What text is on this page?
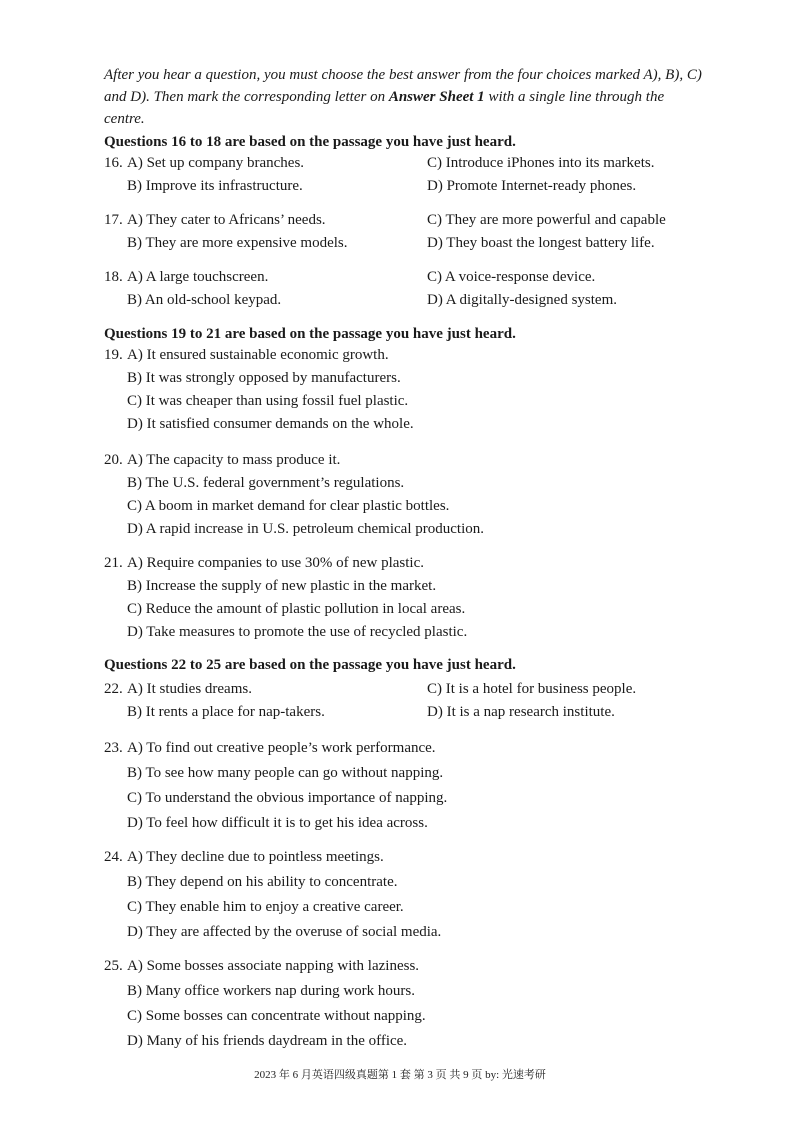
After you hear a question, you must choose the best answer from the four choices marked A), B), C) and D). Then mark the corresponding letter on Answer Sheet 1 with a single line through the centre.
Questions 16 to 18 are based on the passage you have just heard.
16. A) Set up company branches.	C) Introduce iPhones into its markets.
B) Improve its infrastructure.	D) Promote Internet-ready phones.
17. A) They cater to Africans’ needs.	C) They are more powerful and capable
B) They are more expensive models.	D) They boast the longest battery life.
18. A) A large touchscreen.	C) A voice-response device.
B) An old-school keypad.	D) A digitally-designed system.
Questions 19 to 21 are based on the passage you have just heard.
19. A) It ensured sustainable economic growth.
B) It was strongly opposed by manufacturers.
C) It was cheaper than using fossil fuel plastic.
D) It satisfied consumer demands on the whole.
20. A) The capacity to mass produce it.
B) The U.S. federal government’s regulations.
C) A boom in market demand for clear plastic bottles.
D) A rapid increase in U.S. petroleum chemical production.
21. A) Require companies to use 30% of new plastic.
B) Increase the supply of new plastic in the market.
C) Reduce the amount of plastic pollution in local areas.
D) Take measures to promote the use of recycled plastic.
Questions 22 to 25 are based on the passage you have just heard.
22. A) It studies dreams.	C) It is a hotel for business people.
B) It rents a place for nap-takers.	D) It is a nap research institute.
23. A) To find out creative people’s work performance.
B) To see how many people can go without napping.
C) To understand the obvious importance of napping.
D) To feel how difficult it is to get his idea across.
24. A) They decline due to pointless meetings.
B) They depend on his ability to concentrate.
C) They enable him to enjoy a creative career.
D) They are affected by the overuse of social media.
25. A) Some bosses associate napping with laziness.
B) Many office workers nap during work hours.
C) Some bosses can concentrate without napping.
D) Many of his friends daydream in the office.
2023 年 6 月英语四级真题第 1 套 第 3 页 共 9 页 by: 光速考研
